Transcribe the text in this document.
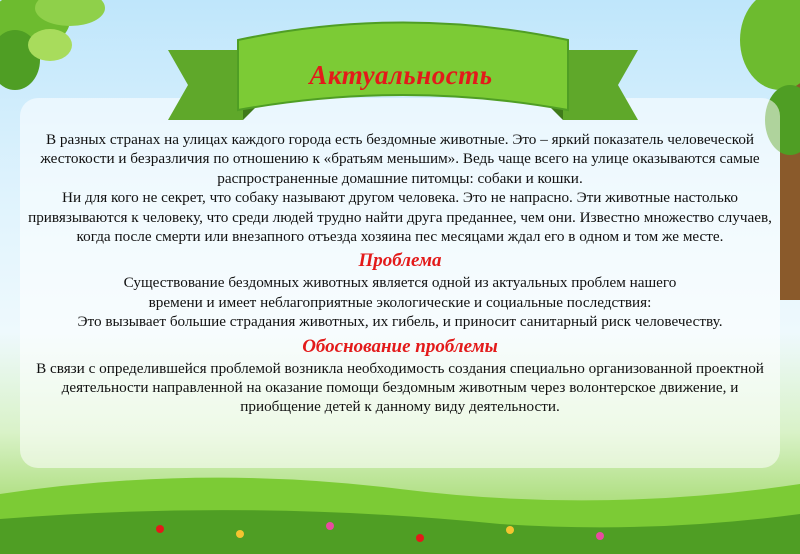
Актуальность

В разных странах на улицах каждого города есть бездомные животные. Это – яркий показатель человеческой жестокости и безразличия по отношению к «братьям меньшим». Ведь чаще всего на улице оказываются самые распространенные домашние питомцы: собаки и кошки.

Ни для кого не секрет, что собаку называют другом человека. Это не напрасно. Эти животные настолько привязываются к человеку, что среди людей трудно найти друга преданнее, чем они. Известно множество случаев, когда после смерти или внезапного отъезда хозяина пес месяцами ждал его в одном и том же месте.

Проблема

Существование бездомных животных является одной из актуальных проблем нашего

времени и имеет неблагоприятные экологические и социальные последствия:

Это вызывает большие страдания животных, их гибель, и приносит санитарный риск человечеству.

Обоснование проблемы

В связи с определившейся проблемой возникла необходимость создания специально организованной проектной деятельности направленной на оказание помощи бездомным животным через волонтерское движение, и приобщение детей к данному виду деятельности.
